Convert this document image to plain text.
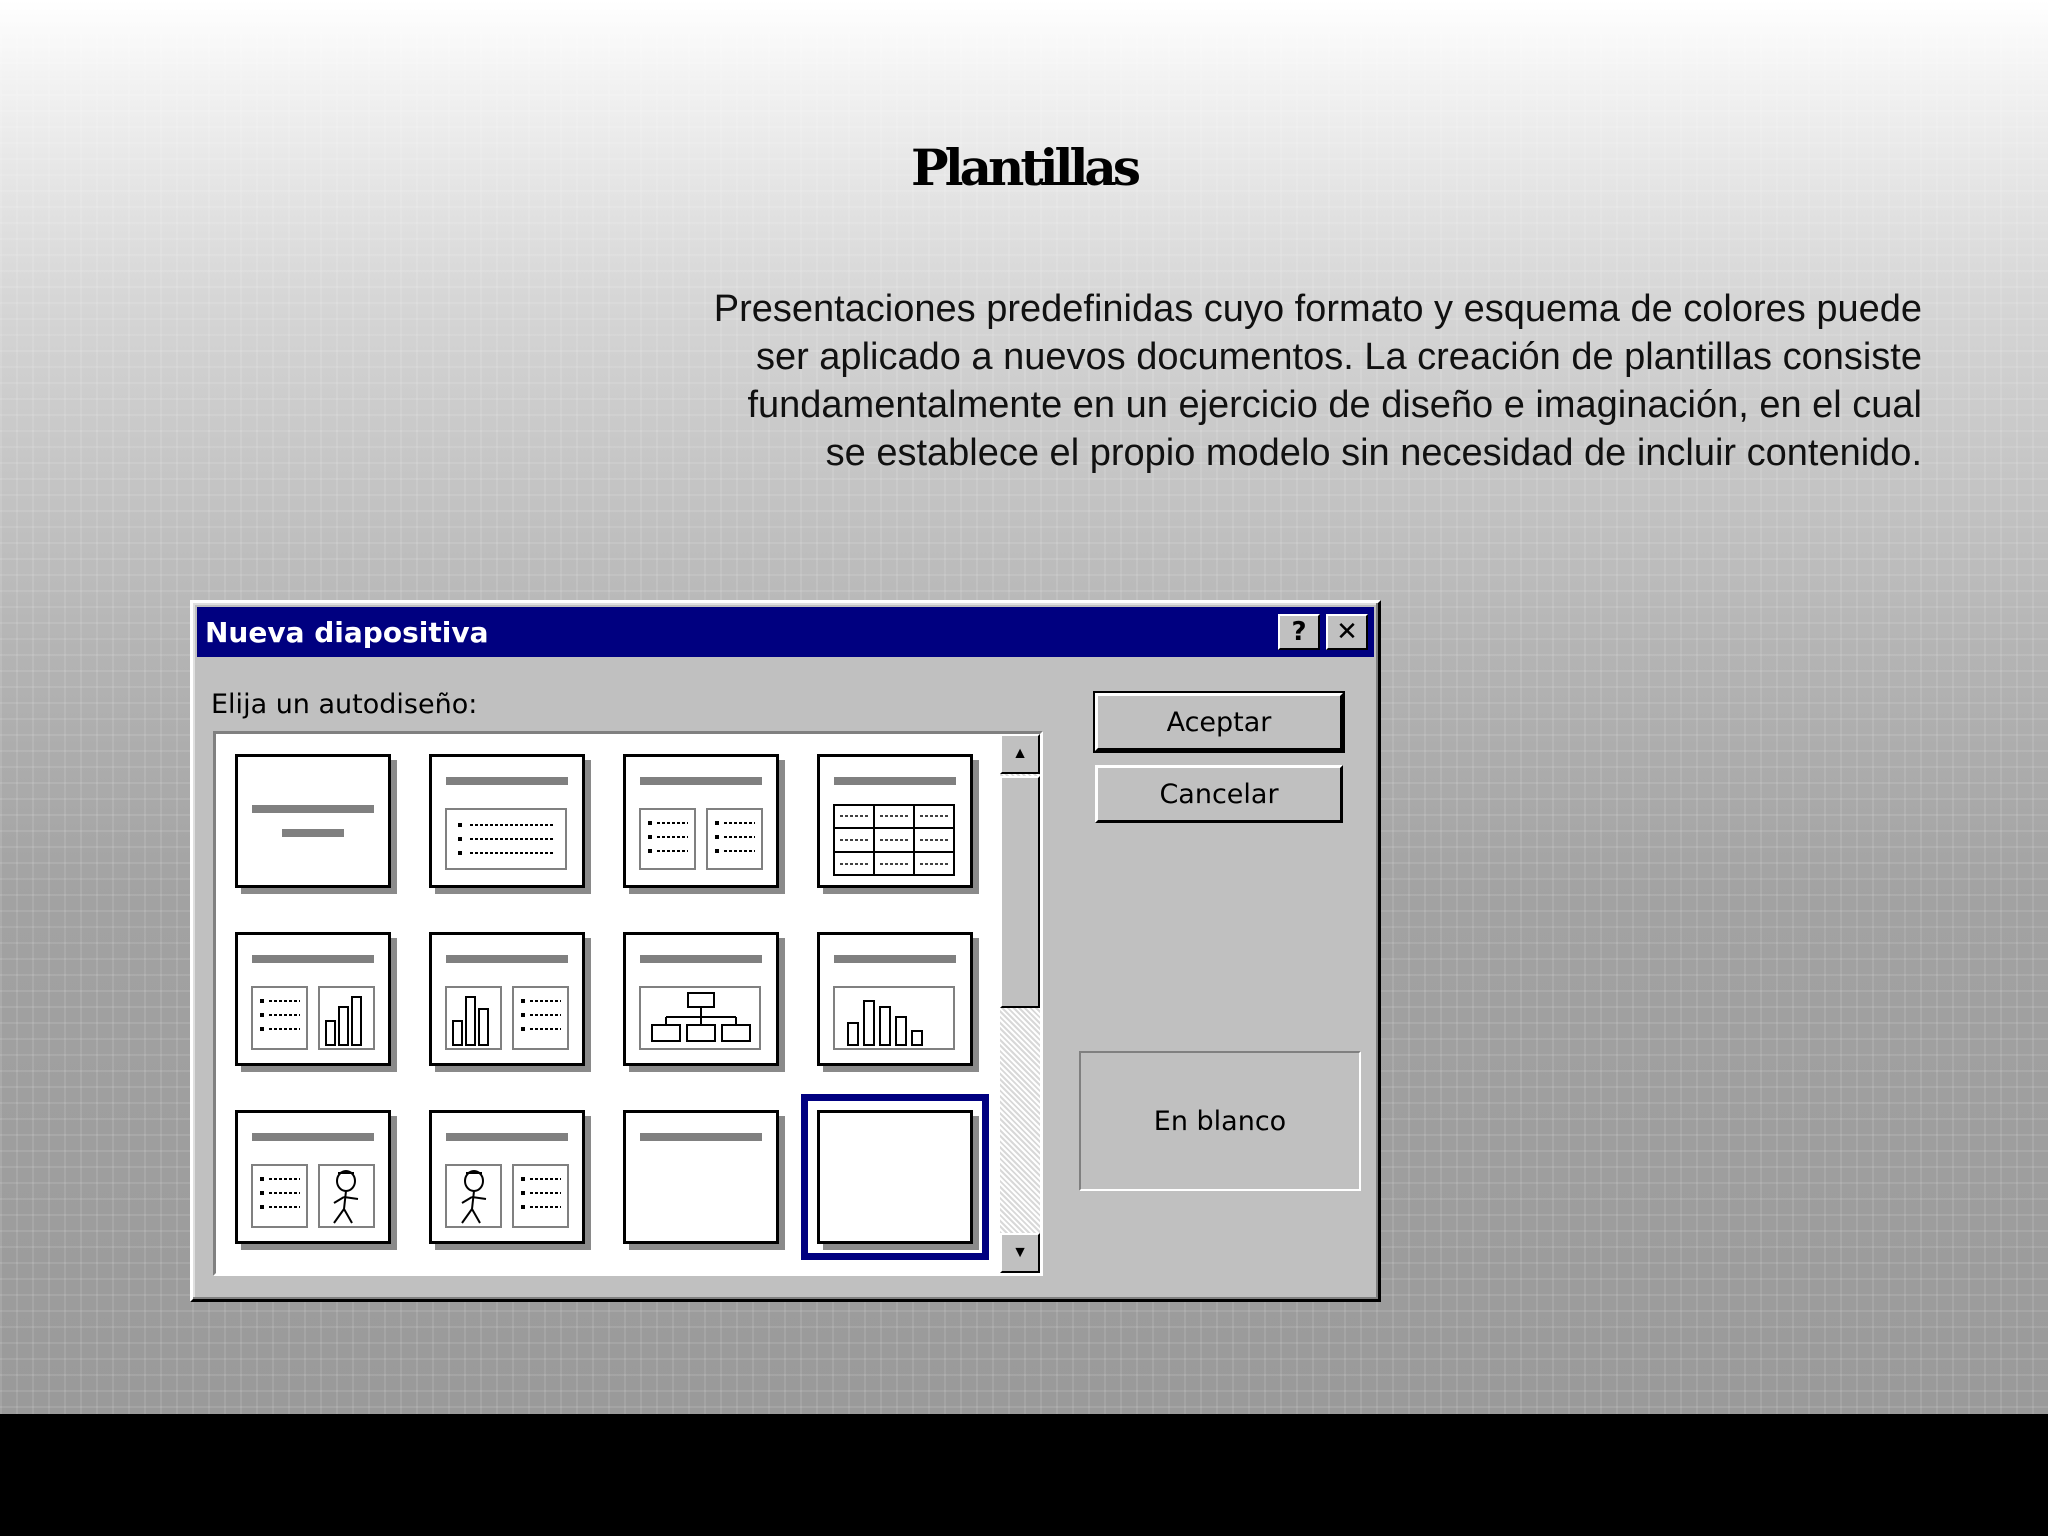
Plantillas
Presentaciones predefinidas cuyo formato y esquema de colores puede ser aplicado a nuevos documentos. La creación de plantillas consiste fundamentalmente en un ejercicio de diseño e imaginación, en el cual se establece el propio modelo sin necesidad de incluir contenido.
Nueva diapositiva	? ✕
Elija un autodiseño:
▲
▼
Aceptar
Cancelar
En blanco
